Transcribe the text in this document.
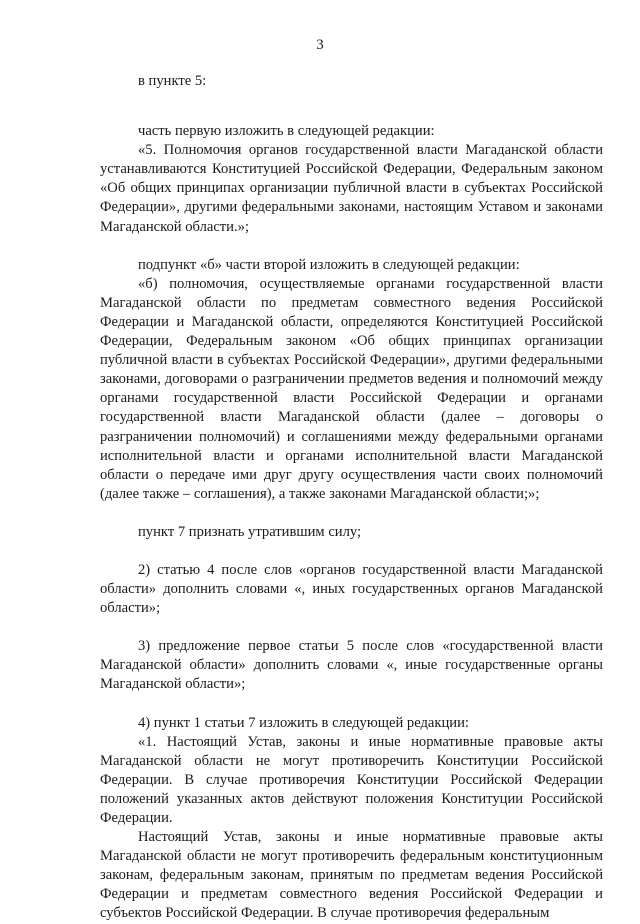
3

в пункте 5:

часть первую изложить в следующей редакции:

«5. Полномочия органов государственной власти Магаданской области устанавливаются Конституцией Российской Федерации, Федеральным законом «Об общих принципах организации публичной власти в субъектах Российской Федерации», другими федеральными законами, настоящим Уставом и законами Магаданской области.»;

подпункт «б» части второй изложить в следующей редакции:

«б) полномочия, осуществляемые органами государственной власти Магаданской области по предметам совместного ведения Российской Федерации и Магаданской области, определяются Конституцией Российской Федерации, Федеральным законом «Об общих принципах организации публичной власти в субъектах Российской Федерации», другими федеральными законами, договорами о разграничении предметов ведения и полномочий между органами государственной власти Российской Федерации и органами государственной власти Магаданской области (далее – договоры о разграничении полномочий) и соглашениями между федеральными органами исполнительной власти и органами исполнительной власти Магаданской области о передаче ими друг другу осуществления части своих полномочий (далее также – соглашения), а также законами Магаданской области;»;

пункт 7 признать утратившим силу;

2) статью 4 после слов «органов государственной власти Магаданской области» дополнить словами «, иных государственных органов Магаданской области»;

3) предложение первое статьи 5 после слов «государственной власти Магаданской области» дополнить словами «, иные государственные органы Магаданской области»;

4) пункт 1 статьи 7 изложить в следующей редакции:

«1. Настоящий Устав, законы и иные нормативные правовые акты Магаданской области не могут противоречить Конституции Российской Федерации. В случае противоречия Конституции Российской Федерации положений указанных актов действуют положения Конституции Российской Федерации.

Настоящий Устав, законы и иные нормативные правовые акты Магаданской области не могут противоречить федеральным конституционным законам, федеральным законам, принятым по предметам ведения Российской Федерации и предметам совместного ведения Российской Федерации и субъектов Российской Федерации. В случае противоречия федеральным
